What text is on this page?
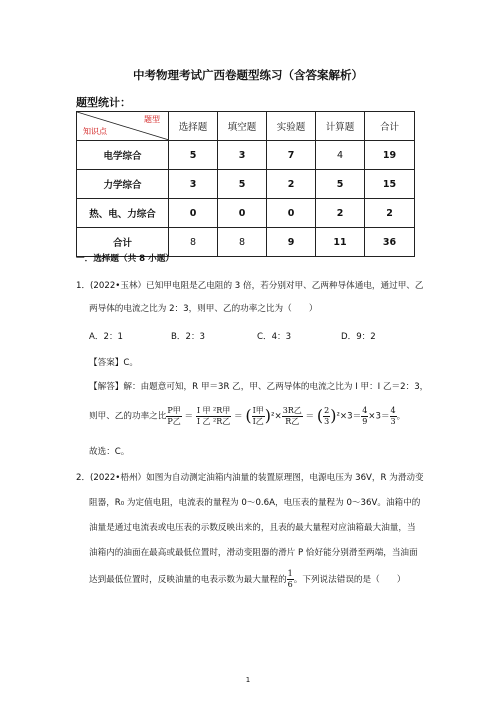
中考物理考试广西卷题型练习（含答案解析）
题型统计：
题型
知识点	选择题	填空题	实验题	计算题	合计
电学综合	5	3	7	4	19
力学综合	3	5	2	5	15
热、电、力综合	0	0	0	2	2
合计	8	8	9	11	36
一．选择题（共 8 小题）
1．(2022•玉林）已知甲电阻是乙电阻的 3 倍，若分别对甲、乙两种导体通电，通过甲、乙
两导体的电流之比为 2：3，则甲、乙的功率之比为（　　）
A．2：1	B．2：3	C．4：3	D．9：2
【答案】C。
【解答】解：由题意可知，R 甲＝3R 乙，甲、乙两导体的电流之比为 I 甲：I 乙＝2：3，
则甲、乙的功率之比 $\frac{\text{P甲}}{\text{P乙}} = \frac{\text{I 甲 ²R甲}}{\text{I 乙 ²R乙}}$ ＝ ( $\frac{\text{I甲}}{\text{I乙}} )^2\times \frac{\text{3R乙}}{\text{R乙}}$ ＝ ( $\frac{2}{3} )^2\times 3= \frac{4}{9} \times 3= \frac{4}{3}$ 。
故选：C。
2．(2022•梧州）如图为自动测定油箱内油量的装置原理图，电源电压为 36V，R 为滑动变
阻器，R₀ 为定值电阻，电流表的量程为 0～0.6A，电压表的量程为 0～36V。油箱中的
油量是通过电流表或电压表的示数反映出来的，且表的最大量程对应油箱最大油量，当
油箱内的油面在最高或最低位置时，滑动变阻器的滑片 P 恰好能分别滑至两端，当油面
达到最低位置时，反映油量的电表示数为最大量程的 $\frac{1}{6}$ 。下列说法错误的是（　　）
1
